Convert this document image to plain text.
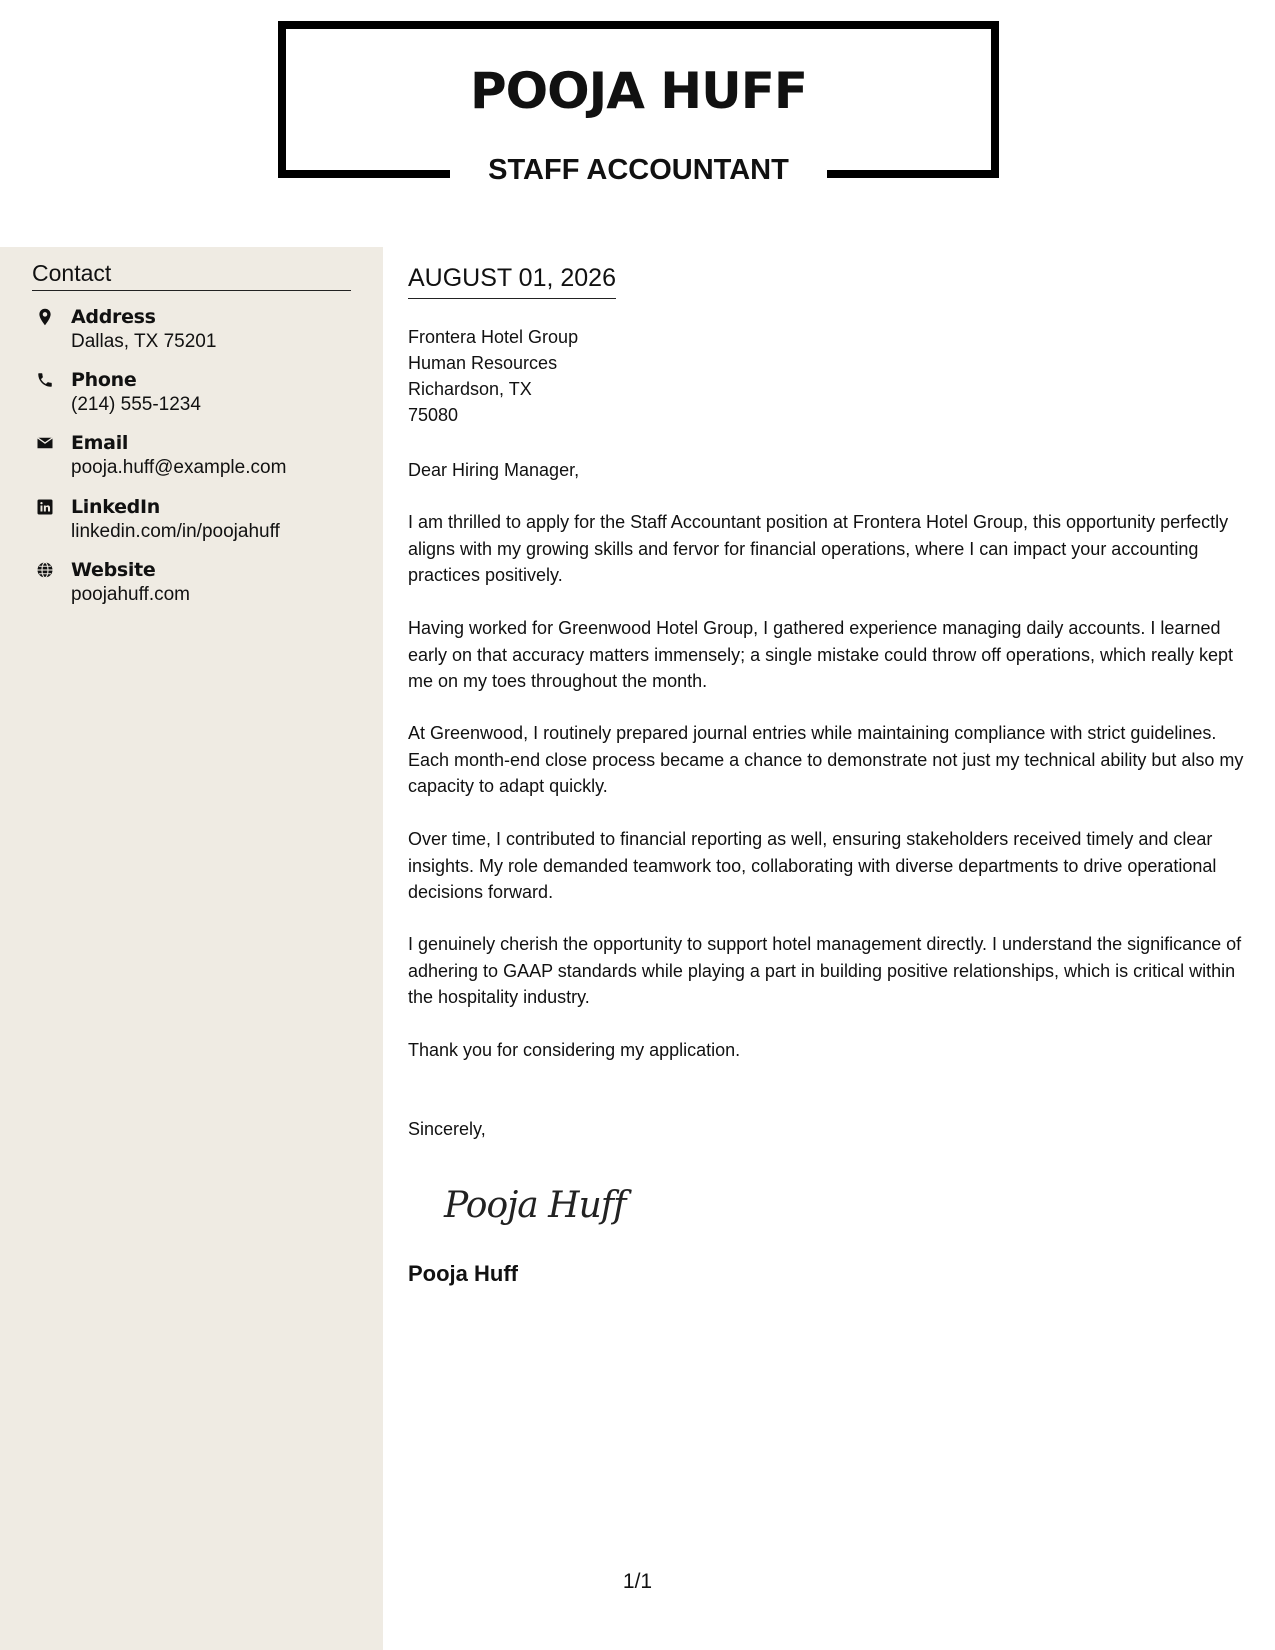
POOJA HUFF
STAFF ACCOUNTANT
Contact
Address
Dallas, TX 75201
Phone
(214) 555-1234
Email
pooja.huff@example.com
LinkedIn
linkedin.com/in/poojahuff
Website
poojahuff.com
AUGUST 01, 2026
Frontera Hotel Group
Human Resources
Richardson, TX
75080

Dear Hiring Manager,

I am thrilled to apply for the Staff Accountant position at Frontera Hotel Group, this opportunity perfectly aligns with my growing skills and fervor for financial operations, where I can impact your accounting practices positively.

Having worked for Greenwood Hotel Group, I gathered experience managing daily accounts. I learned early on that accuracy matters immensely; a single mistake could throw off operations, which really kept me on my toes throughout the month.

At Greenwood, I routinely prepared journal entries while maintaining compliance with strict guidelines. Each month-end close process became a chance to demonstrate not just my technical ability but also my capacity to adapt quickly.

Over time, I contributed to financial reporting as well, ensuring stakeholders received timely and clear insights. My role demanded teamwork too, collaborating with diverse departments to drive operational decisions forward.

I genuinely cherish the opportunity to support hotel management directly. I understand the significance of adhering to GAAP standards while playing a part in building positive relationships, which is critical within the hospitality industry.

Thank you for considering my application.

Sincerely,

Pooja Huff
Pooja Huff
1/1
